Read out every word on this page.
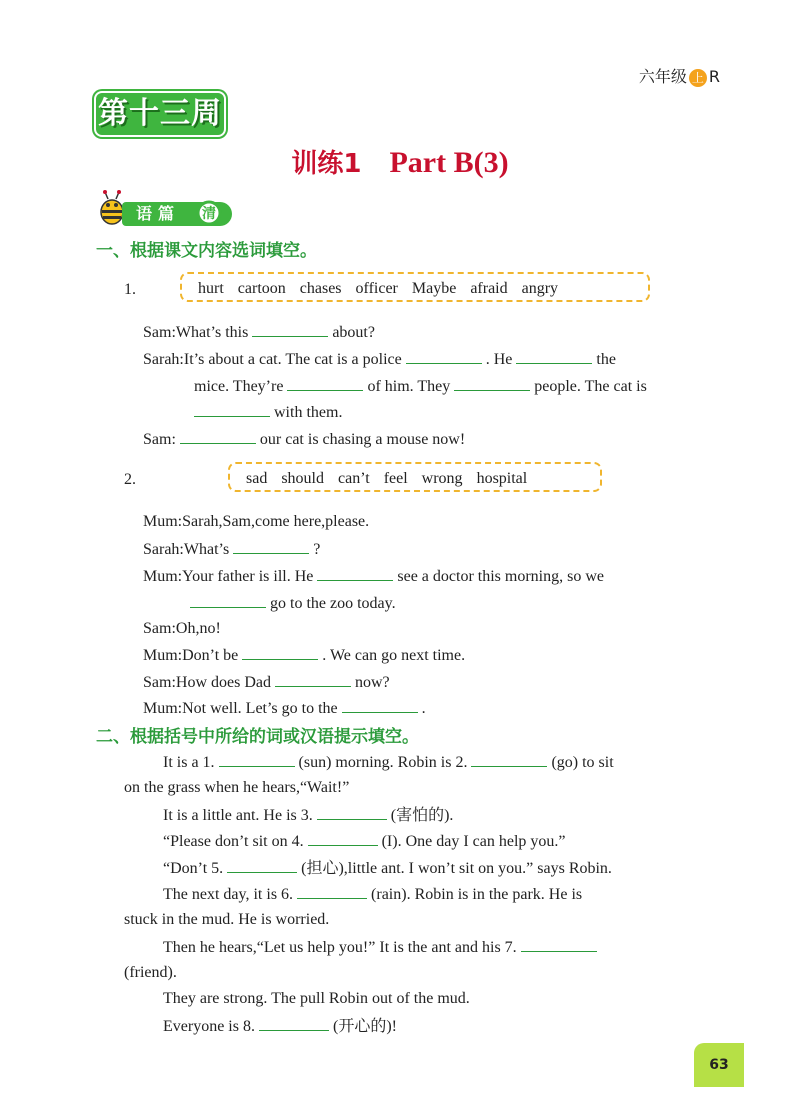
六年级 上 R
第十三周
训练1 Part B(3)
语篇	清
一、根据课文内容选词填空。
1.	hurt cartoon chases officer Maybe afraid angry
Sam:What’s this	about?
Sarah:It’s about a cat. The cat is a police	. He	the
mice. They’re	of him. They	people. The cat is
with them.
Sam:	our cat is chasing a mouse now!
2.	sad should can’t feel wrong hospital
Mum:Sarah,Sam,come here,please.
Sarah:What’s	?
Mum:Your father is ill. He	see a doctor this morning, so we
go to the zoo today.
Sam:Oh,no!
Mum:Don’t be	. We can go next time.
Sam:How does Dad	now?
Mum:Not well. Let’s go to the	.
二、根据括号中所给的词或汉语提示填空。
It is a 1.	(sun) morning. Robin is 2.	(go) to sit
on the grass when he hears,“Wait!”
It is a little ant. He is 3.	(害怕的).
“Please don’t sit on 4.	(I). One day I can help you.”
“Don’t 5.	(担心),little ant. I won’t sit on you.” says Robin.
The next day, it is 6.	(rain). Robin is in the park. He is
stuck in the mud. He is worried.
Then he hears,“Let us help you!” It is the ant and his 7.
(friend).
They are strong. The pull Robin out of the mud.
Everyone is 8.	(开心的)!
63
